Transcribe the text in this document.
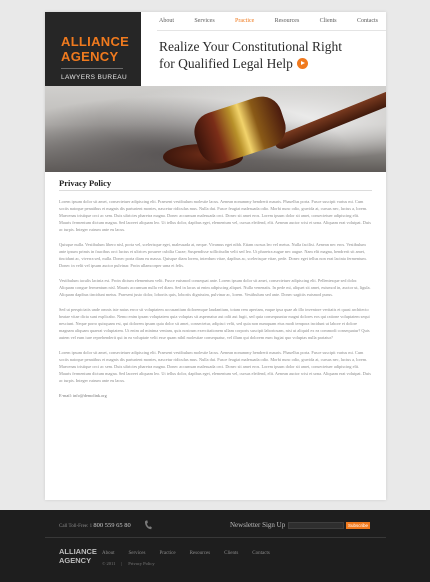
ALLIANCE
AGENCY
LAWYERS BUREAU
About	Services	Practice	Resources	Clients	Contacts
Realize Your Constitutional Right
for Qualified Legal Help
Privacy Policy

Lorem ipsum dolor sit amet, consectetuer adipiscing elit. Praesent vestibulum molestie lacus. Aenean nonummy hendrerit mauris. Phasellus porta. Fusce suscipit varius mi. Cum sociis natoque penatibus et magnis dis parturient montes, nascetur ridiculus mus. Nulla dui. Fusce feugiat malesuada odio. Morbi nunc odio, gravida at, cursus nec, luctus a, lorem. Maecenas tristique orci ac sem. Duis ultricies pharetra magna. Donec accumsan malesuada orci. Donec sit amet eros. Lorem ipsum dolor sit amet, consectetuer adipiscing elit. Mauris fermentum dictum magna. Sed laoreet aliquam leo. Ut tellus dolor, dapibus eget, elementum vel, cursus eleifend, elit. Aenean auctor wisi et urna. Aliquam erat volutpat. Duis ac turpis. Integer rutrum ante eu lacus.

Quisque nulla. Vestibulum libero nisl, porta vel, scelerisque eget, malesuada at, neque. Vivamus eget nibh. Etiam cursus leo vel metus. Nulla facilisi. Aenean nec eros. Vestibulum ante ipsum primis in faucibus orci luctus et ultrices posuere cubilia Curae; Suspendisse sollicitudin velit sed leo. Ut pharetra augue nec augue. Nam elit magna, hendrerit sit amet, tincidunt ac, viverra sed, nulla. Donec porta diam eu massa. Quisque diam lorem, interdum vitae, dapibus ac, scelerisque vitae, pede. Donec eget tellus non erat lacinia fermentum. Donec in velit vel ipsum auctor pulvinar. Proin ullamcorper urna et felis.

Vestibulum iaculis lacinia est. Proin dictum elementum velit. Fusce euismod consequat ante. Lorem ipsum dolor sit amet, consectetuer adipiscing elit. Pellentesque sed dolor. Aliquam congue fermentum nisl. Mauris accumsan nulla vel diam. Sed in lacus ut enim adipiscing aliquet. Nulla venenatis. In pede mi, aliquet sit amet, euismod in, auctor ut, ligula. Aliquam dapibus tincidunt metus. Praesent justo dolor, lobortis quis, lobortis dignissim, pulvinar ac, lorem. Vestibulum sed ante. Donec sagittis euismod purus.

Sed ut perspiciatis unde omnis iste natus error sit voluptatem accusantium doloremque laudantium, totam rem aperiam, eaque ipsa quae ab illo inventore veritatis et quasi architecto beatae vitae dicta sunt explicabo. Nemo enim ipsam voluptatem quia voluptas sit aspernatur aut odit aut fugit, sed quia consequuntur magni dolores eos qui ratione voluptatem sequi nesciunt. Neque porro quisquam est, qui dolorem ipsum quia dolor sit amet, consectetur, adipisci velit, sed quia non numquam eius modi tempora incidunt ut labore et dolore magnam aliquam quaerat voluptatem. Ut enim ad minima veniam, quis nostrum exercitationem ullam corporis suscipit laboriosam, nisi ut aliquid ex ea commodi consequatur? Quis autem vel eum iure reprehenderit qui in ea voluptate velit esse quam nihil molestiae consequatur, vel illum qui dolorem eum fugiat quo voluptas nulla pariatur?

Lorem ipsum dolor sit amet, consectetuer adipiscing elit. Praesent vestibulum molestie lacus. Aenean nonummy hendrerit mauris. Phasellus porta. Fusce suscipit varius mi. Cum sociis natoque penatibus et magnis dis parturient montes, nascetur ridiculus mus. Nulla dui. Fusce feugiat malesuada odio. Morbi nunc odio, gravida at, cursus nec, luctus a, lorem. Maecenas tristique orci ac sem. Duis ultricies pharetra magna. Donec accumsan malesuada orci. Donec sit amet eros. Lorem ipsum dolor sit amet, consectetuer adipiscing elit. Mauris fermentum dictum magna. Sed laoreet aliquam leo. Ut tellus dolor, dapibus eget, elementum vel, cursus eleifend, elit. Aenean auctor wisi et urna. Aliquam erat volutpat. Duis ac turpis. Integer rutrum ante eu lacus.

E-mail: info@demolink.org

Call Toll-Free: 1 800 559 65 80	Newsletter Sign Up	Subscribe
ALLIANCE
AGENCY
About	Services	Practice	Resources	Clients	Contacts
© 2011 | Privacy Policy
